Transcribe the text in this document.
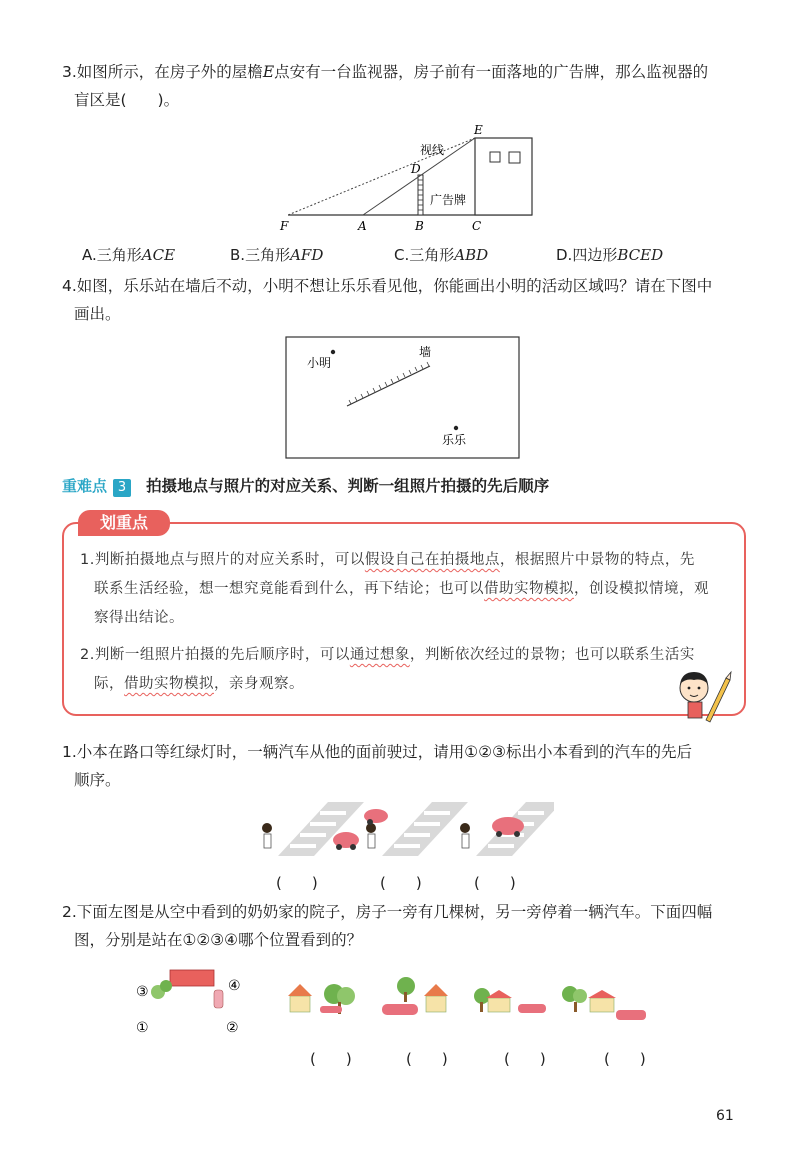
3.如图所示，在房子外的屋檐E点安有一台监视器，房子前有一面落地的广告牌，那么监视器的
盲区是(　　)。
E
D
F	A	B	C
视线
广告牌
A.三角形ACE	B.三角形AFD	C.三角形ABD	D.四边形BCED
4.如图，乐乐站在墙后不动，小明不想让乐乐看见他，你能画出小明的活动区域吗？请在下图中
画出。
小明
墙
乐乐
重难点 3 拍摄地点与照片的对应关系、判断一组照片拍摄的先后顺序
划重点
1.判断拍摄地点与照片的对应关系时，可以假设自己在拍摄地点，根据照片中景物的特点，先
联系生活经验，想一想究竟能看到什么，再下结论；也可以借助实物模拟，创设模拟情境，观
察得出结论。
2.判断一组照片拍摄的先后顺序时，可以通过想象，判断依次经过的景物；也可以联系生活实
际，借助实物模拟，亲身观察。
1.小本在路口等红绿灯时，一辆汽车从他的面前驶过，请用①②③标出小本看到的汽车的先后
顺序。
(　　)	(　　)	(　　)
2.下面左图是从空中看到的奶奶家的院子，房子一旁有几棵树，另一旁停着一辆汽车。下面四幅
图，分别是站在①②③④哪个位置看到的？
③	④
①	②
(　　)	(　　)	(　　)	(　　)
61
